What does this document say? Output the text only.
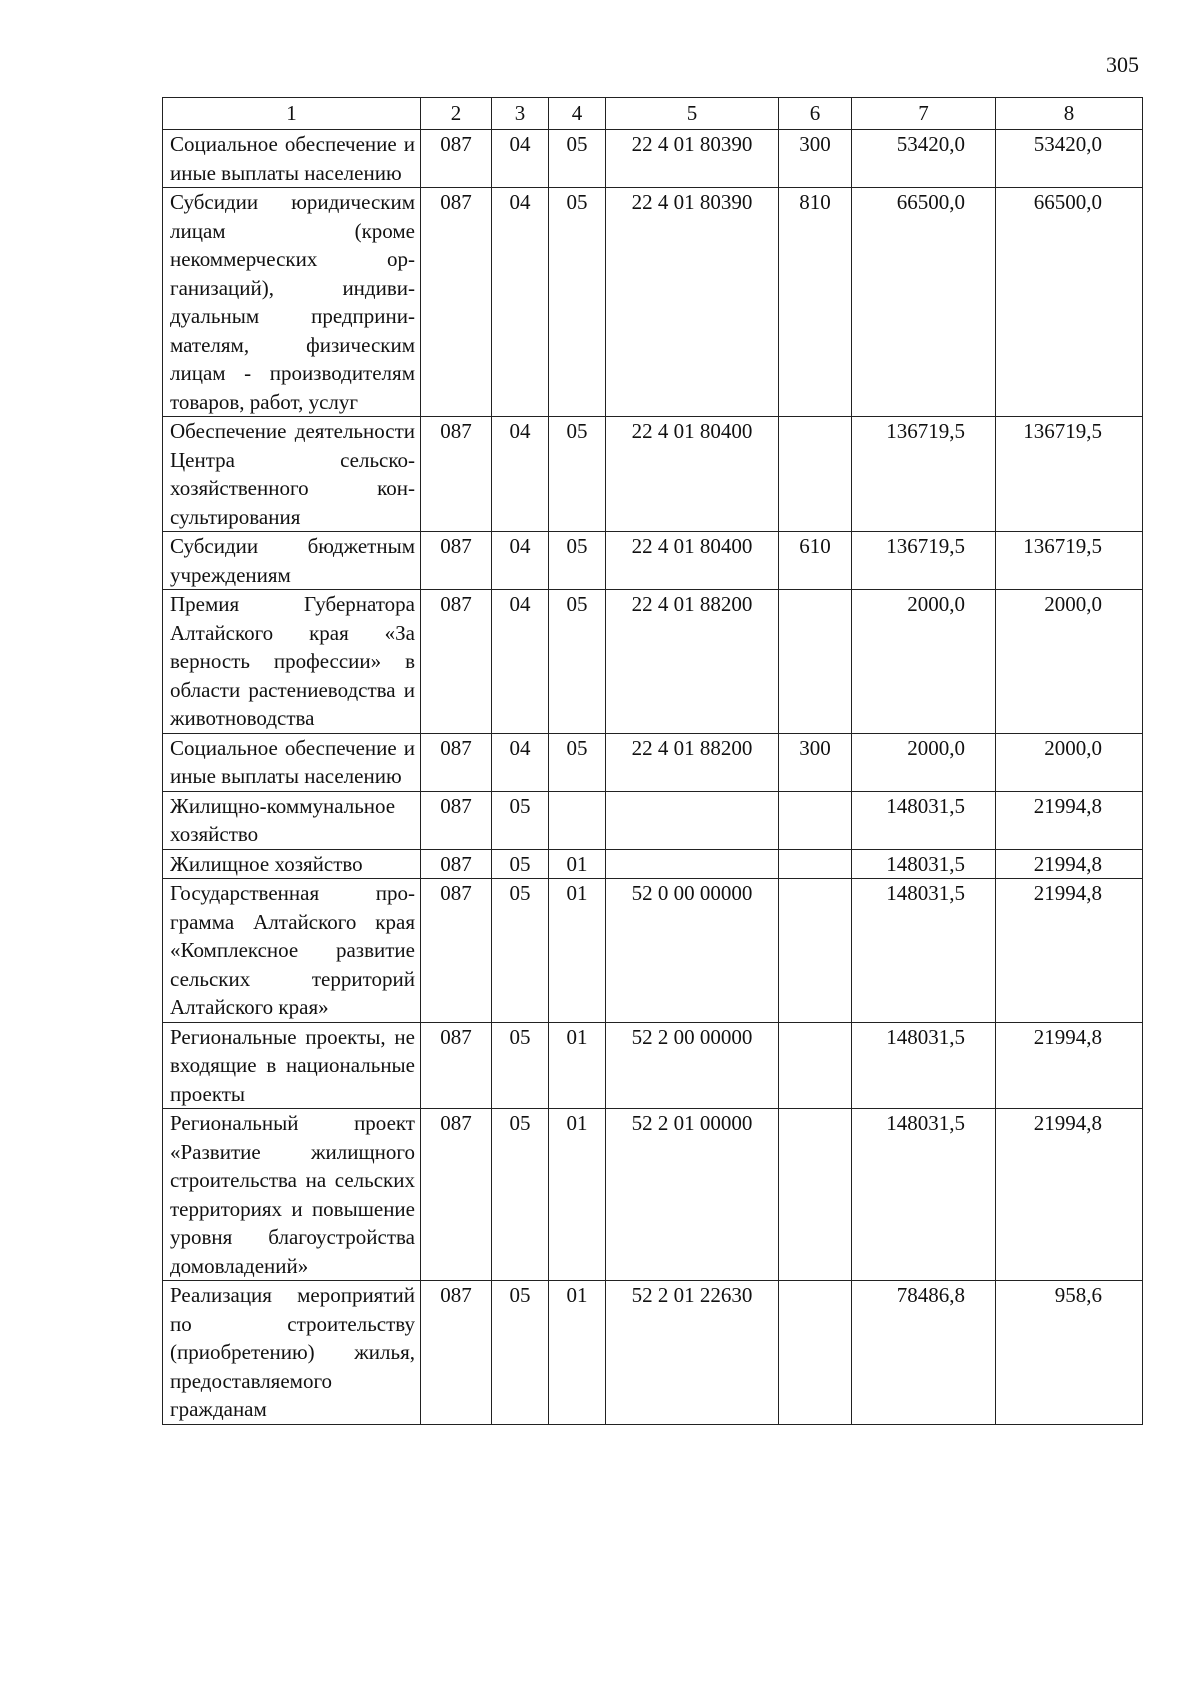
305
1	2	3	4	5	6	7	8
Социальное обеспечение и иные выплаты населению	087	04	05	22 4 01 80390	300	53420,0	53420,0
Субсидии юридическим лицам (кроме некоммерческих организаций), индивидуальным предпринимателям, физическим лицам - производителям товаров, работ, услуг	087	04	05	22 4 01 80390	810	66500,0	66500,0
Обеспечение деятельности Центра сельскохозяйственного консультирования	087	04	05	22 4 01 80400		136719,5	136719,5
Субсидии бюджетным учреждениям	087	04	05	22 4 01 80400	610	136719,5	136719,5
Премия Губернатора Алтайского края «За верность профессии» в области растениеводства и животноводства	087	04	05	22 4 01 88200		2000,0	2000,0
Социальное обеспечение и иные выплаты населению	087	04	05	22 4 01 88200	300	2000,0	2000,0
Жилищно-коммунальное хозяйство	087	05				148031,5	21994,8
Жилищное хозяйство	087	05	01			148031,5	21994,8
Государственная программа Алтайского края «Комплексное развитие сельских территорий Алтайского края»	087	05	01	52 0 00 00000		148031,5	21994,8
Региональные проекты, не входящие в национальные проекты	087	05	01	52 2 00 00000		148031,5	21994,8
Региональный проект «Развитие жилищного строительства на сельских территориях и повышение уровня благоустройства домовладений»	087	05	01	52 2 01 00000		148031,5	21994,8
Реализация мероприятий по строительству (приобретению) жилья, предоставляемого гражданам	087	05	01	52 2 01 22630		78486,8	958,6
